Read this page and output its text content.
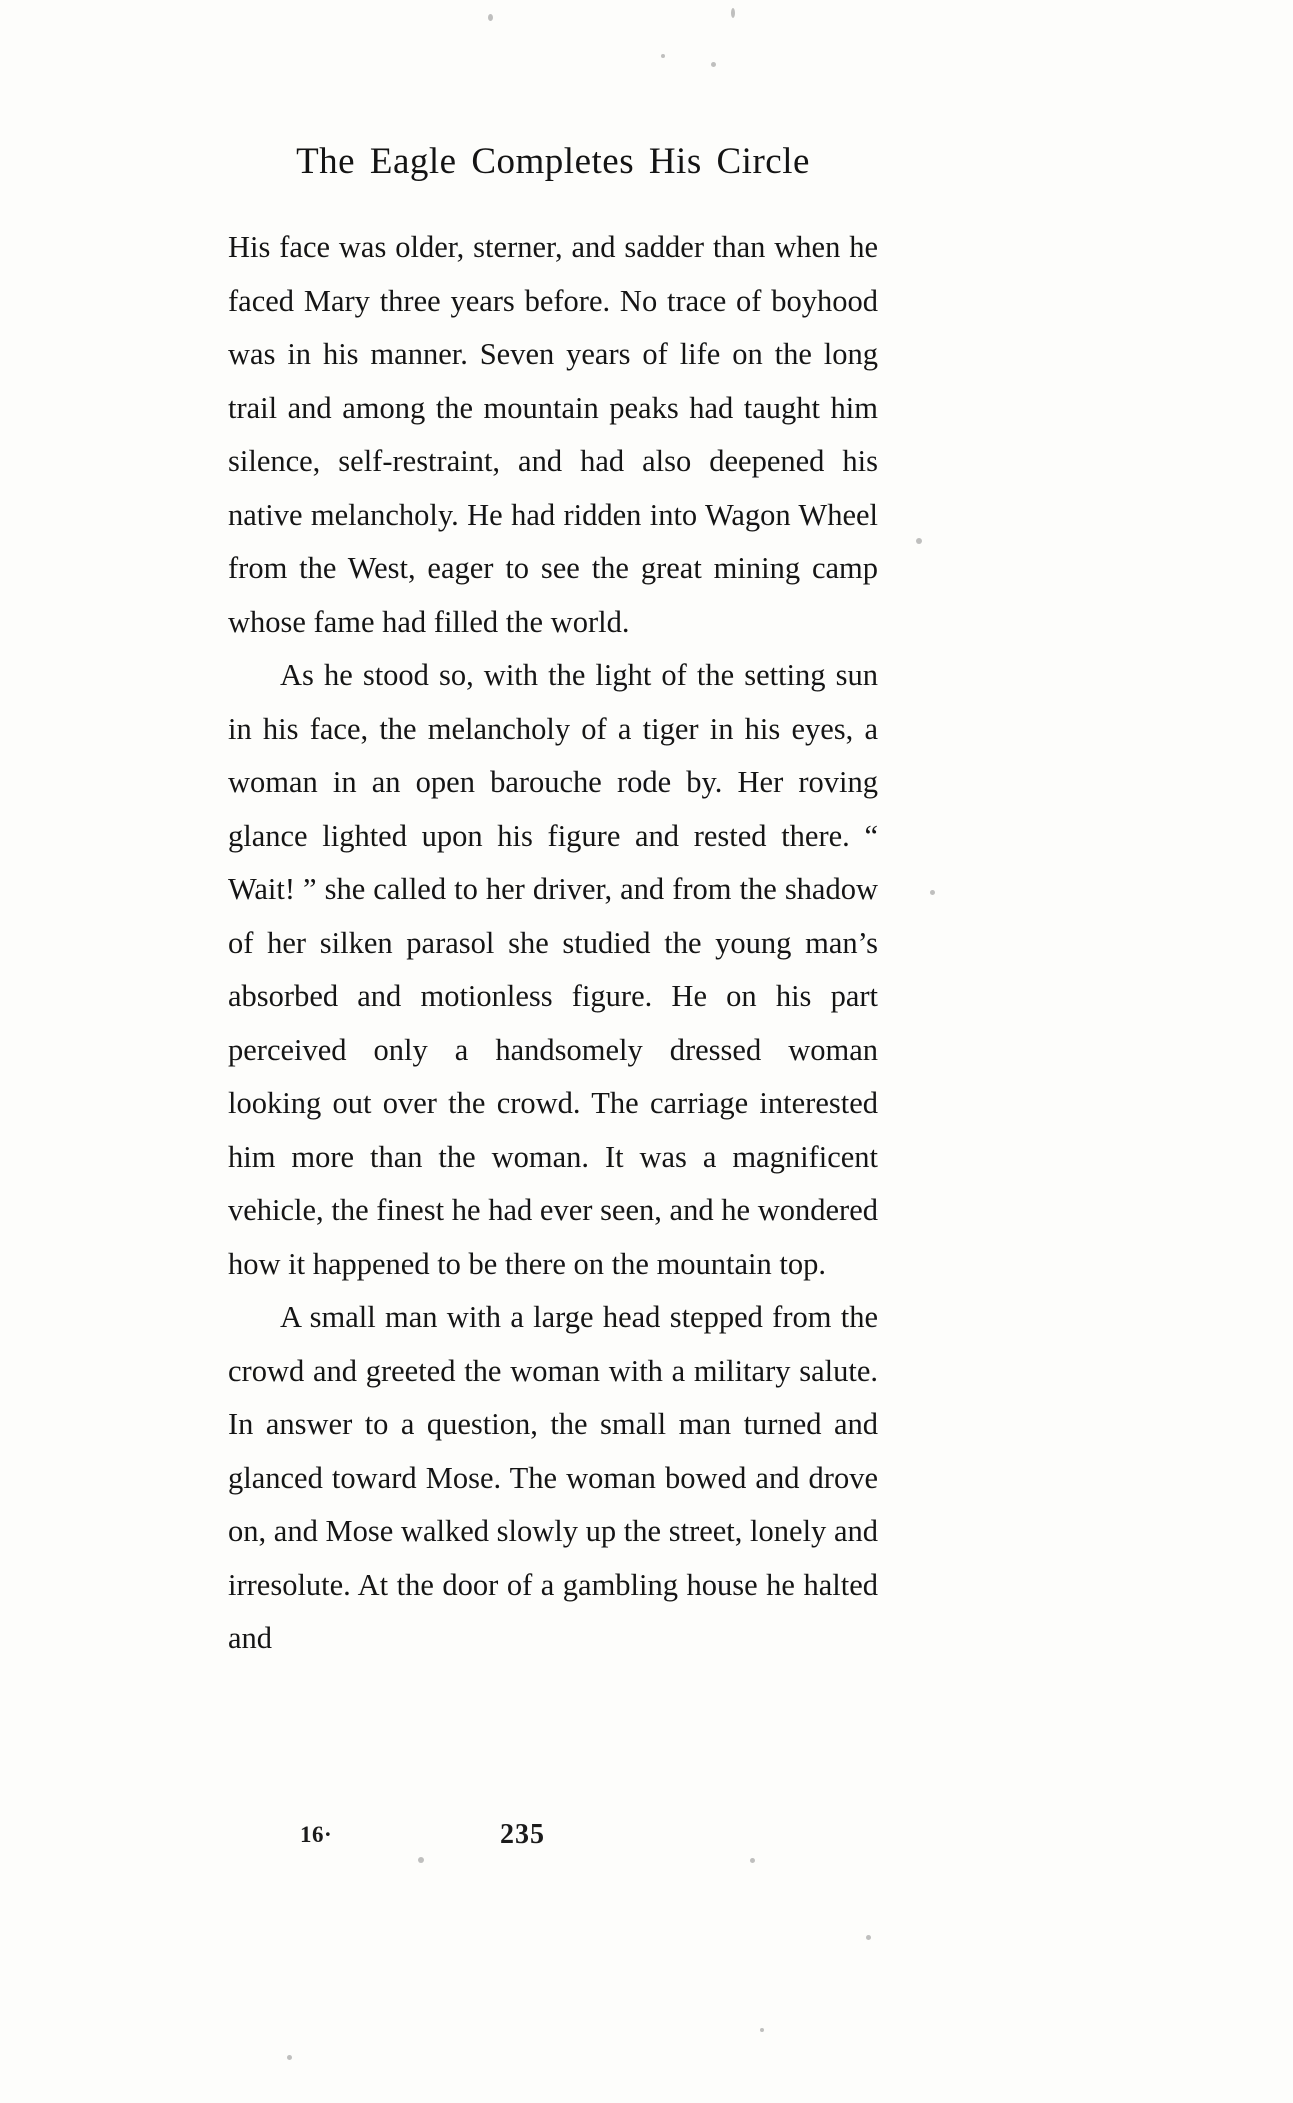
The Eagle Completes His Circle

His face was older, sterner, and sadder than when he faced Mary three years before. No trace of boyhood was in his manner. Seven years of life on the long trail and among the mountain peaks had taught him silence, self-restraint, and had also deepened his native melancholy. He had ridden into Wagon Wheel from the West, eager to see the great mining camp whose fame had filled the world.

As he stood so, with the light of the setting sun in his face, the melancholy of a tiger in his eyes, a woman in an open barouche rode by. Her roving glance lighted upon his figure and rested there. “ Wait! ” she called to her driver, and from the shadow of her silken parasol she studied the young man’s absorbed and motionless figure. He on his part perceived only a handsomely dressed woman looking out over the crowd. The carriage interested him more than the woman. It was a magnificent vehicle, the finest he had ever seen, and he wondered how it happened to be there on the mountain top.

A small man with a large head stepped from the crowd and greeted the woman with a military salute. In answer to a question, the small man turned and glanced toward Mose. The woman bowed and drove on, and Mose walked slowly up the street, lonely and irresolute. At the door of a gambling house he halted and

16·	235
